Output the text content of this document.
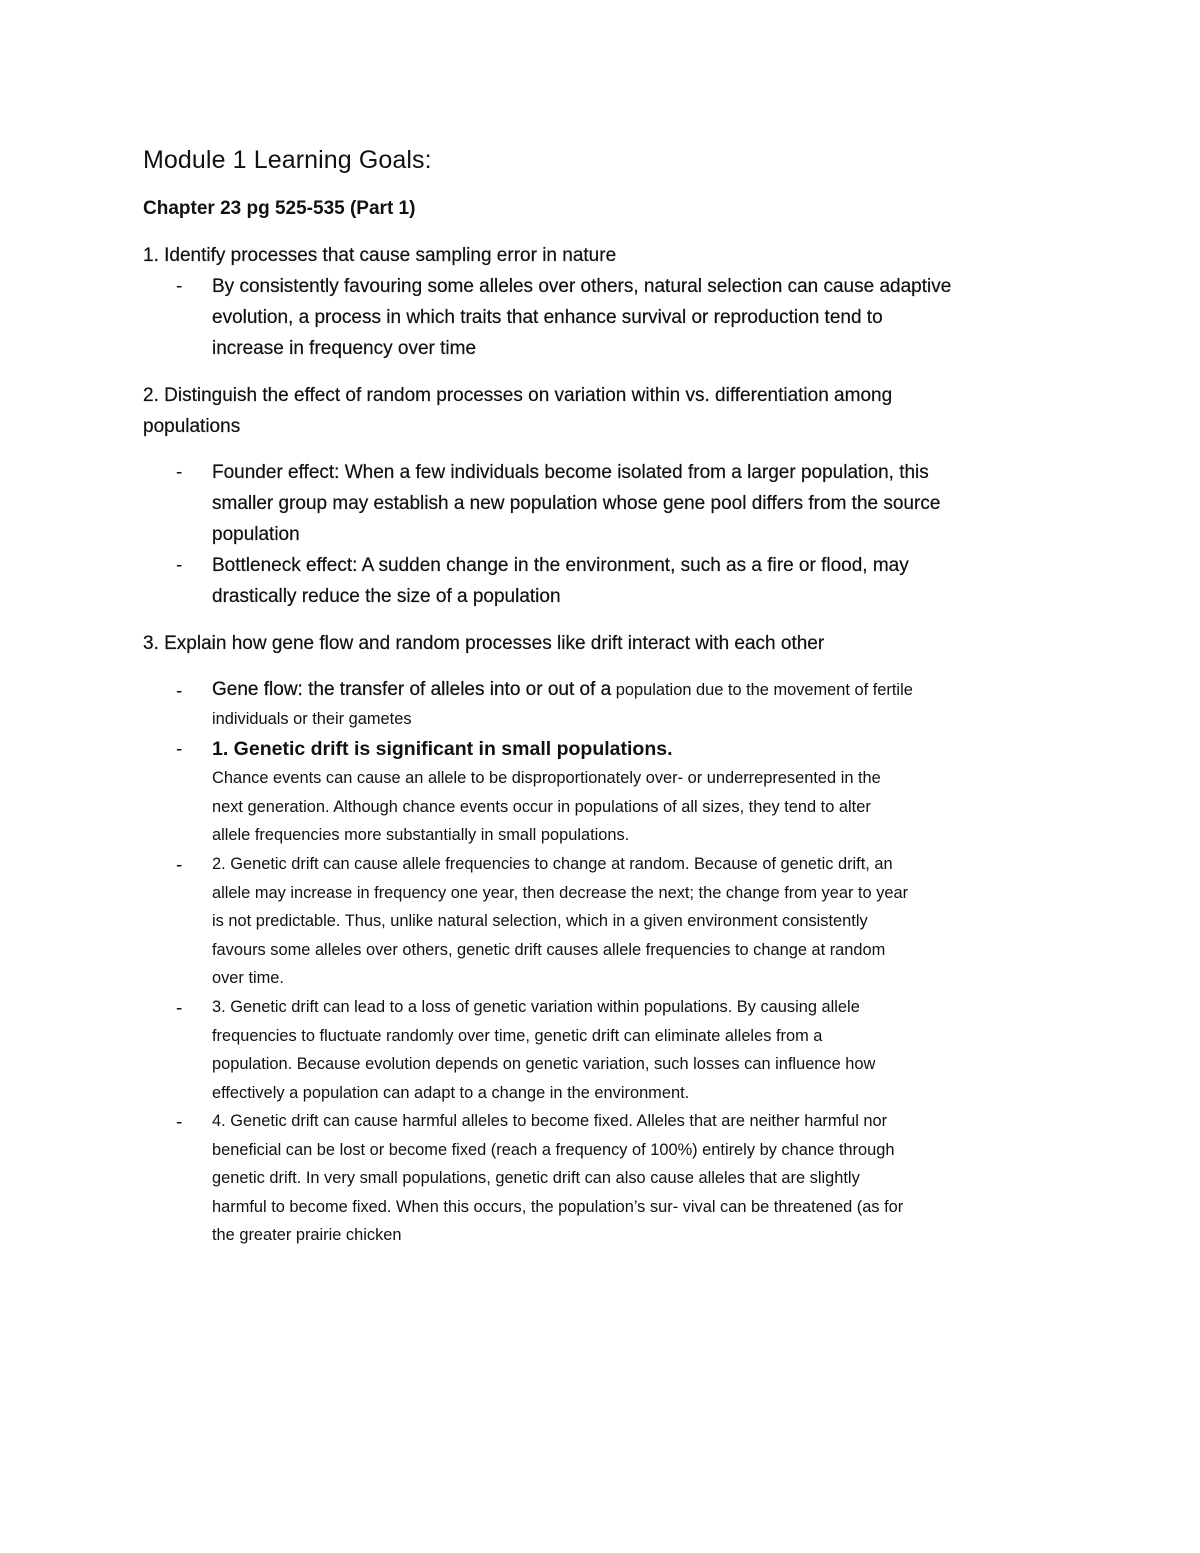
Module 1 Learning Goals:
Chapter 23 pg 525-535 (Part 1)
1. Identify processes that cause sampling error in nature
- By consistently favouring some alleles over others, natural selection can cause adaptive
evolution, a process in which traits that enhance survival or reproduction tend to
increase in frequency over time
2. Distinguish the effect of random processes on variation within vs. differentiation among
populations
- Founder effect: When a few individuals become isolated from a larger population, this
smaller group may establish a new population whose gene pool differs from the source
population
- Bottleneck effect: A sudden change in the environment, such as a fire or flood, may
drastically reduce the size of a population
3. Explain how gene flow and random processes like drift interact with each other
- Gene flow: the transfer of alleles into or out of a population due to the movement of fertile
individuals or their gametes
- 1. Genetic drift is significant in small populations.
Chance events can cause an allele to be disproportionately over- or underrepresented in the
next generation. Although chance events occur in populations of all sizes, they tend to alter
allele frequencies more substantially in small populations.
- 2. Genetic drift can cause allele frequencies to change at random. Because of genetic drift, an
allele may increase in frequency one year, then decrease the next; the change from year to year
is not predictable. Thus, unlike natural selection, which in a given environment consistently
favours some alleles over others, genetic drift causes allele frequencies to change at random
over time.
- 3. Genetic drift can lead to a loss of genetic variation within populations. By causing allele
frequencies to fluctuate randomly over time, genetic drift can eliminate alleles from a
population. Because evolution depends on genetic variation, such losses can influence how
effectively a population can adapt to a change in the environment.
- 4. Genetic drift can cause harmful alleles to become fixed. Alleles that are neither harmful nor
beneficial can be lost or become fixed (reach a frequency of 100%) entirely by chance through
genetic drift. In very small populations, genetic drift can also cause alleles that are slightly
harmful to become fixed. When this occurs, the population’s sur- vival can be threatened (as for
the greater prairie chicken
